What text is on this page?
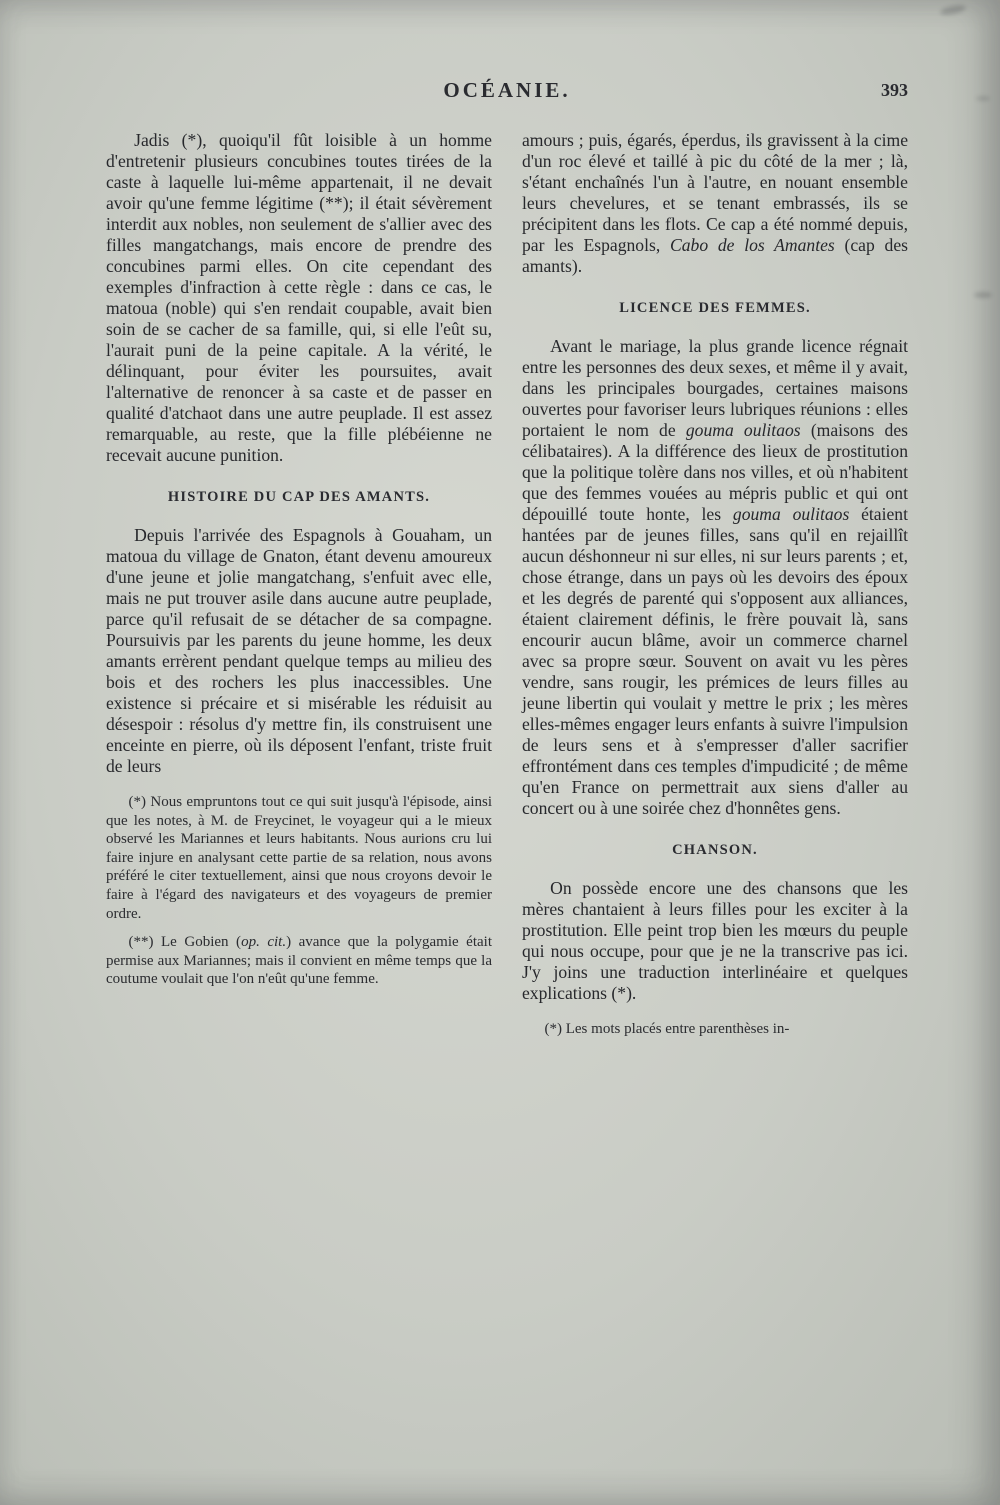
OCÉANIE.	393

Jadis (*), quoiqu'il fût loisible à un homme d'entretenir plusieurs concubines toutes tirées de la caste à laquelle lui-même appartenait, il ne devait avoir qu'une femme légitime (**); il était sévèrement interdit aux nobles, non seulement de s'allier avec des filles mangatchangs, mais encore de prendre des concubines parmi elles. On cite cependant des exemples d'infraction à cette règle : dans ce cas, le matoua (noble) qui s'en rendait coupable, avait bien soin de se cacher de sa famille, qui, si elle l'eût su, l'aurait puni de la peine capitale. A la vérité, le délinquant, pour éviter les poursuites, avait l'alternative de renoncer à sa caste et de passer en qualité d'atchaot dans une autre peuplade. Il est assez remarquable, au reste, que la fille plébéienne ne recevait aucune punition.

HISTOIRE DU CAP DES AMANTS.

Depuis l'arrivée des Espagnols à Gouaham, un matoua du village de Gnaton, étant devenu amoureux d'une jeune et jolie mangatchang, s'enfuit avec elle, mais ne put trouver asile dans aucune autre peuplade, parce qu'il refusait de se détacher de sa compagne. Poursuivis par les parents du jeune homme, les deux amants errèrent pendant quelque temps au milieu des bois et des rochers les plus inaccessibles. Une existence si précaire et si misérable les réduisit au désespoir : résolus d'y mettre fin, ils construisent une enceinte en pierre, où ils déposent l'enfant, triste fruit de leurs

(*) Nous empruntons tout ce qui suit jusqu'à l'épisode, ainsi que les notes, à M. de Freycinet, le voyageur qui a le mieux observé les Mariannes et leurs habitants. Nous aurions cru lui faire injure en analysant cette partie de sa relation, nous avons préféré le citer textuellement, ainsi que nous croyons devoir le faire à l'égard des navigateurs et des voyageurs de premier ordre.

(**) Le Gobien (op. cit.) avance que la polygamie était permise aux Mariannes; mais il convient en même temps que la coutume voulait que l'on n'eût qu'une femme.

amours ; puis, égarés, éperdus, ils gravissent à la cime d'un roc élevé et taillé à pic du côté de la mer ; là, s'étant enchaînés l'un à l'autre, en nouant ensemble leurs chevelures, et se tenant embrassés, ils se précipitent dans les flots. Ce cap a été nommé depuis, par les Espagnols, Cabo de los Amantes (cap des amants).

LICENCE DES FEMMES.

Avant le mariage, la plus grande licence régnait entre les personnes des deux sexes, et même il y avait, dans les principales bourgades, certaines maisons ouvertes pour favoriser leurs lubriques réunions : elles portaient le nom de gouma oulitaos (maisons des célibataires). A la différence des lieux de prostitution que la politique tolère dans nos villes, et où n'habitent que des femmes vouées au mépris public et qui ont dépouillé toute honte, les gouma oulitaos étaient hantées par de jeunes filles, sans qu'il en rejaillît aucun déshonneur ni sur elles, ni sur leurs parents ; et, chose étrange, dans un pays où les devoirs des époux et les degrés de parenté qui s'opposent aux alliances, étaient clairement définis, le frère pouvait là, sans encourir aucun blâme, avoir un commerce charnel avec sa propre sœur. Souvent on avait vu les pères vendre, sans rougir, les prémices de leurs filles au jeune libertin qui voulait y mettre le prix ; les mères elles-mêmes engager leurs enfants à suivre l'impulsion de leurs sens et à s'empresser d'aller sacrifier effrontément dans ces temples d'impudicité ; de même qu'en France on permettrait aux siens d'aller au concert ou à une soirée chez d'honnêtes gens.

CHANSON.

On possède encore une des chansons que les mères chantaient à leurs filles pour les exciter à la prostitution. Elle peint trop bien les mœurs du peuple qui nous occupe, pour que je ne la transcrive pas ici. J'y joins une traduction interlinéaire et quelques explications (*).

(*) Les mots placés entre parenthèses in-
